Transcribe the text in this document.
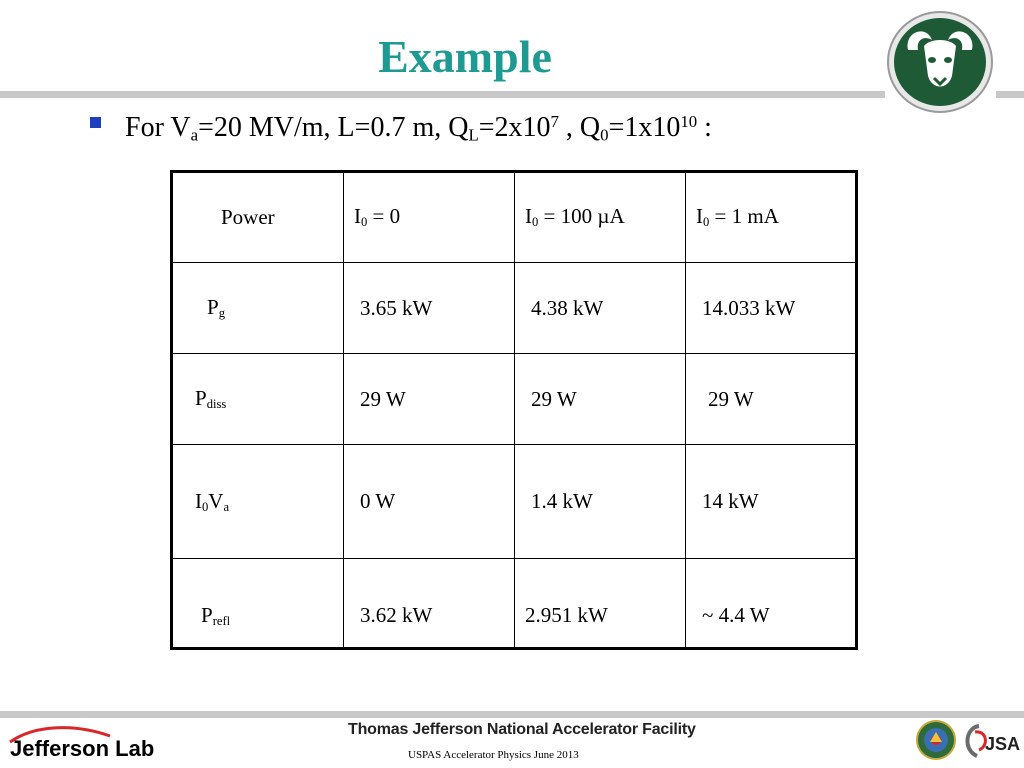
Example
For $V_a=20$ MV/m, L=0.7 m, $Q_L=2x10^7$ , $Q_0=1x10^{10}$ :
Power	$I_0 = 0$	$I_0 = 100$ µA	$I_0 = 1$ mA
$P_g$	3.65 kW	4.38 kW	14.033 kW
$P_{diss}$	29 W	29 W	29 W
$I_0V_a$	0 W	1.4 kW	14 kW
$P_{refl}$	3.62 kW	2.951 kW	~ 4.4 W
Jefferson Lab
Thomas Jefferson National Accelerator Facility
USPAS Accelerator Physics June 2013
JSA
